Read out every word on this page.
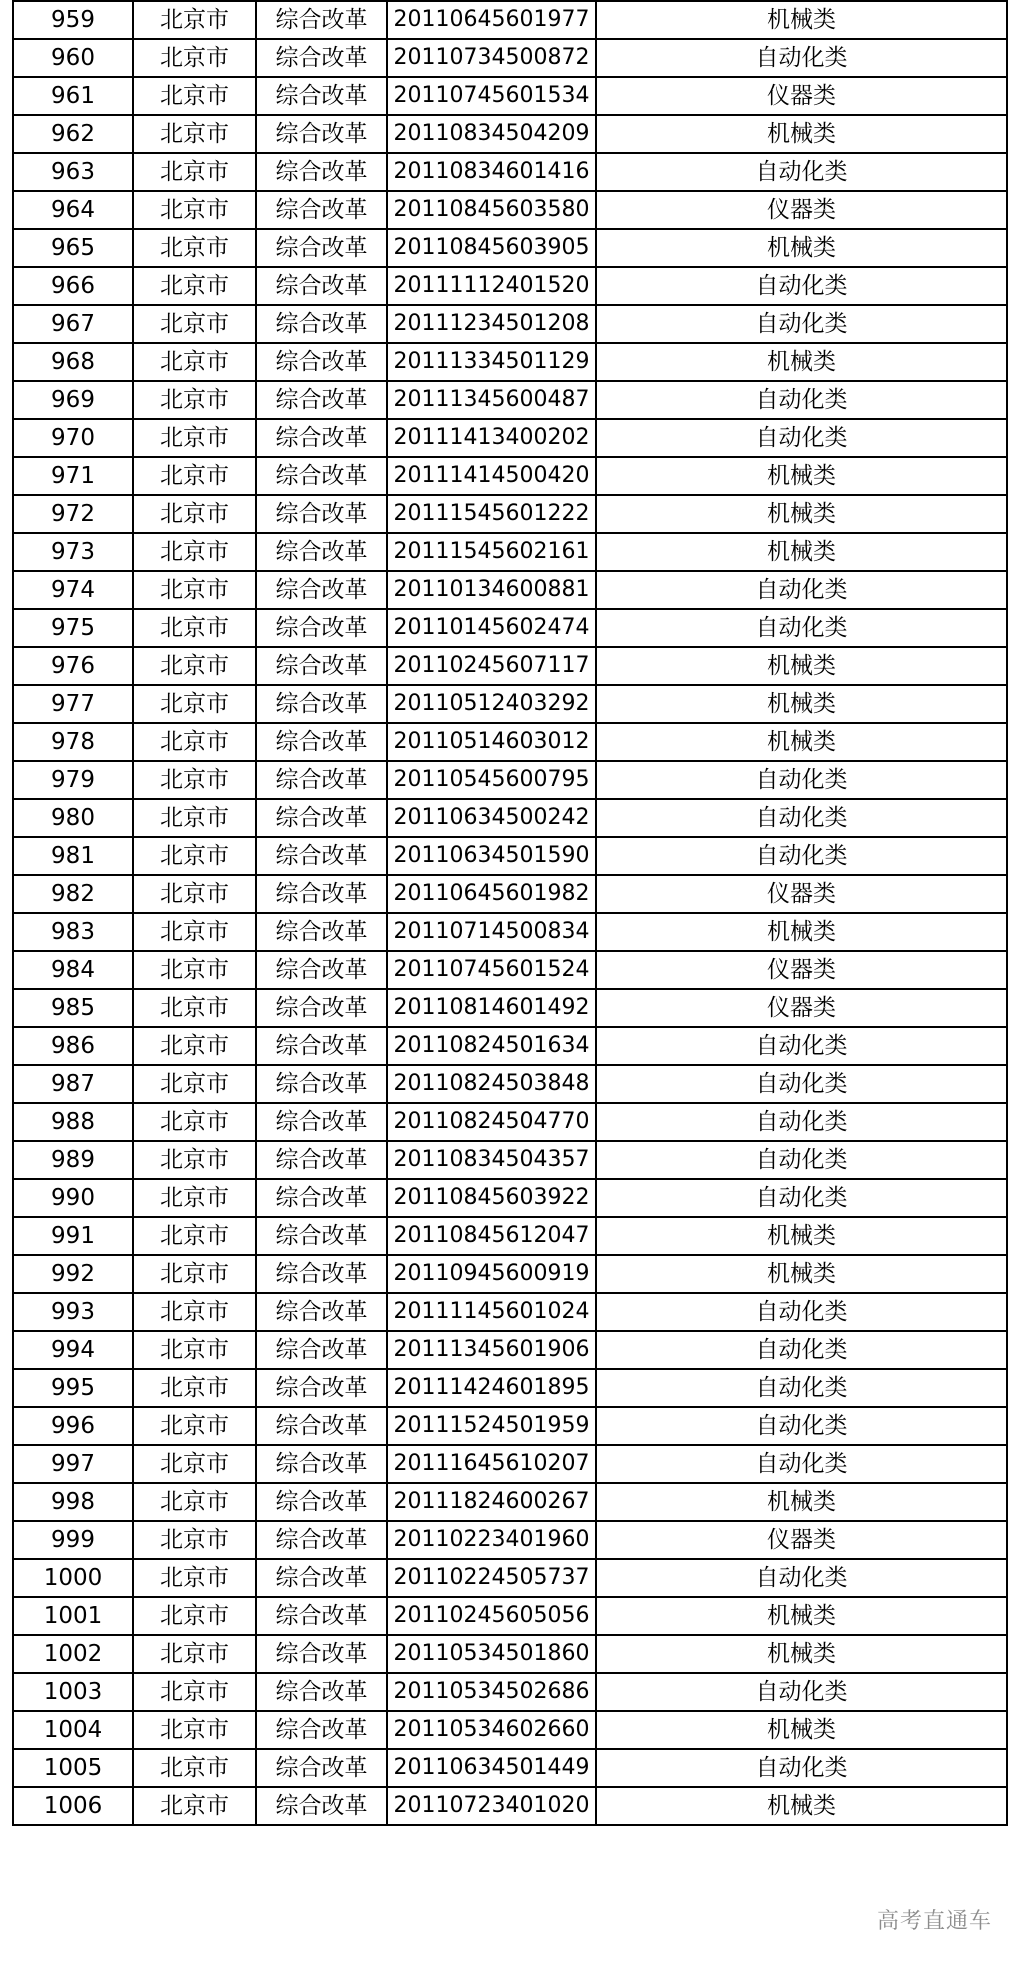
959	北京市	综合改革	20110645601977	机械类
960	北京市	综合改革	20110734500872	自动化类
961	北京市	综合改革	20110745601534	仪器类
962	北京市	综合改革	20110834504209	机械类
963	北京市	综合改革	20110834601416	自动化类
964	北京市	综合改革	20110845603580	仪器类
965	北京市	综合改革	20110845603905	机械类
966	北京市	综合改革	20111112401520	自动化类
967	北京市	综合改革	20111234501208	自动化类
968	北京市	综合改革	20111334501129	机械类
969	北京市	综合改革	20111345600487	自动化类
970	北京市	综合改革	20111413400202	自动化类
971	北京市	综合改革	20111414500420	机械类
972	北京市	综合改革	20111545601222	机械类
973	北京市	综合改革	20111545602161	机械类
974	北京市	综合改革	20110134600881	自动化类
975	北京市	综合改革	20110145602474	自动化类
976	北京市	综合改革	20110245607117	机械类
977	北京市	综合改革	20110512403292	机械类
978	北京市	综合改革	20110514603012	机械类
979	北京市	综合改革	20110545600795	自动化类
980	北京市	综合改革	20110634500242	自动化类
981	北京市	综合改革	20110634501590	自动化类
982	北京市	综合改革	20110645601982	仪器类
983	北京市	综合改革	20110714500834	机械类
984	北京市	综合改革	20110745601524	仪器类
985	北京市	综合改革	20110814601492	仪器类
986	北京市	综合改革	20110824501634	自动化类
987	北京市	综合改革	20110824503848	自动化类
988	北京市	综合改革	20110824504770	自动化类
989	北京市	综合改革	20110834504357	自动化类
990	北京市	综合改革	20110845603922	自动化类
991	北京市	综合改革	20110845612047	机械类
992	北京市	综合改革	20110945600919	机械类
993	北京市	综合改革	20111145601024	自动化类
994	北京市	综合改革	20111345601906	自动化类
995	北京市	综合改革	20111424601895	自动化类
996	北京市	综合改革	20111524501959	自动化类
997	北京市	综合改革	20111645610207	自动化类
998	北京市	综合改革	20111824600267	机械类
999	北京市	综合改革	20110223401960	仪器类
1000	北京市	综合改革	20110224505737	自动化类
1001	北京市	综合改革	20110245605056	机械类
1002	北京市	综合改革	20110534501860	机械类
1003	北京市	综合改革	20110534502686	自动化类
1004	北京市	综合改革	20110534602660	机械类
1005	北京市	综合改革	20110634501449	自动化类
1006	北京市	综合改革	20110723401020	机械类
高考直通车
